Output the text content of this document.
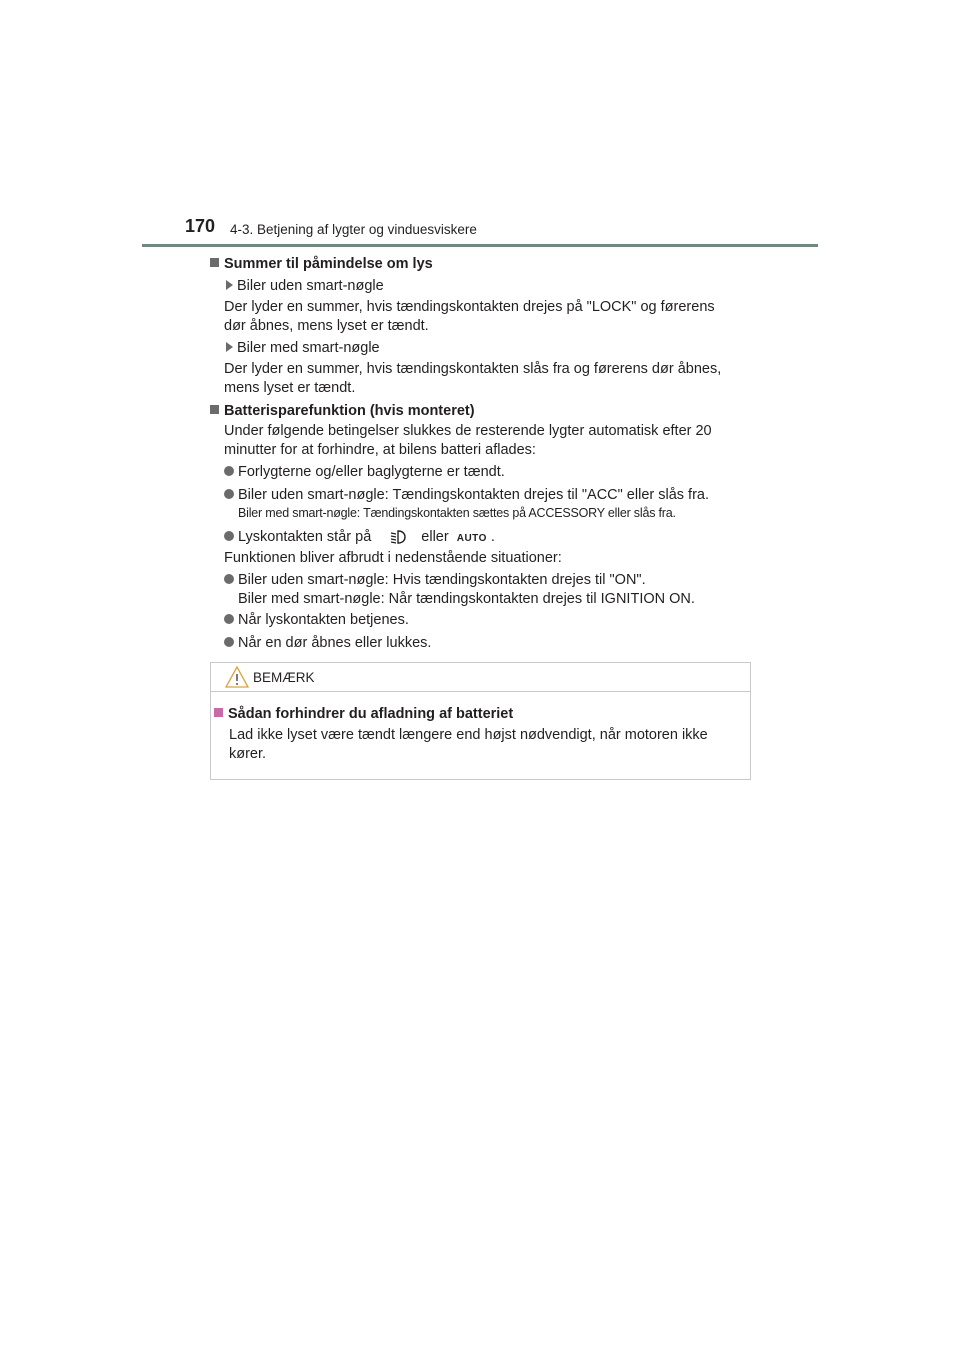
170 4-3. Betjening af lygter og vinduesviskere
Summer til påmindelse om lys
Biler uden smart-nøgle
Der lyder en summer, hvis tændingskontakten drejes på "LOCK" og førerens
dør åbnes, mens lyset er tændt.
Biler med smart-nøgle
Der lyder en summer, hvis tændingskontakten slås fra og førerens dør åbnes,
mens lyset er tændt.
Batterisparefunktion (hvis monteret)
Under følgende betingelser slukkes de resterende lygter automatisk efter 20
minutter for at forhindre, at bilens batteri aflades:
Forlygterne og/eller baglygterne er tændt.
Biler uden smart-nøgle: Tændingskontakten drejes til "ACC" eller slås fra.
Biler med smart-nøgle: Tændingskontakten sættes på ACCESSORY eller slås fra.
Lyskontakten står på	eller AUTO .
Funktionen bliver afbrudt i nedenstående situationer:
Biler uden smart-nøgle: Hvis tændingskontakten drejes til "ON".
Biler med smart-nøgle: Når tændingskontakten drejes til IGNITION ON.
Når lyskontakten betjenes.
Når en dør åbnes eller lukkes.
BEMÆRK
Sådan forhindrer du afladning af batteriet
Lad ikke lyset være tændt længere end højst nødvendigt, når motoren ikke
kører.
